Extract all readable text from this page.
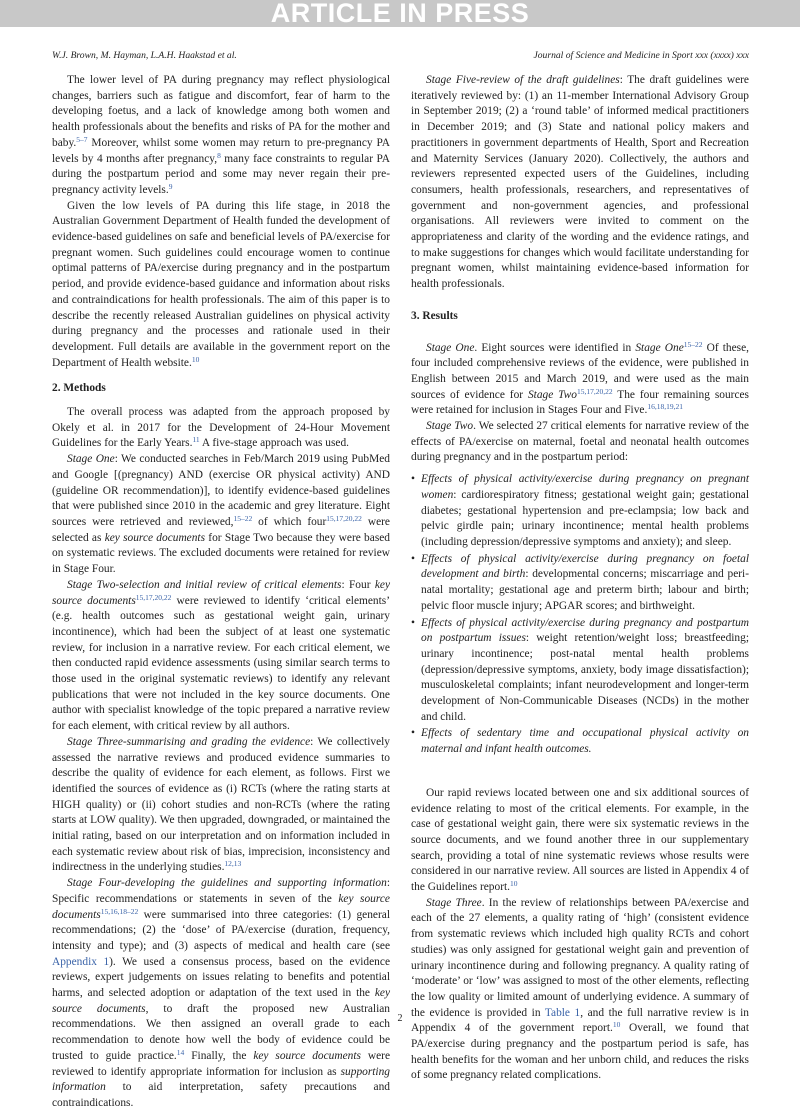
ARTICLE IN PRESS
W.J. Brown, M. Hayman, L.A.H. Haakstad et al.	Journal of Science and Medicine in Sport xxx (xxxx) xxx

The lower level of PA during pregnancy may reflect physiological changes, barriers such as fatigue and discomfort, fear of harm to the developing foetus, and a lack of knowledge among both women and health professionals about the benefits and risks of PA for the mother and baby.$^{5-7}$ Moreover, whilst some women may return to pre-pregnancy PA levels by 4 months after pregnancy,$^8$ many face constraints to regular PA during the postpartum period and some may never regain their pre-pregnancy activity levels.$^9$

Given the low levels of PA during this life stage, in 2018 the Australian Government Department of Health funded the development of evidence-based guidelines on safe and beneficial levels of PA/exercise for pregnant women. Such guidelines could encourage women to continue optimal patterns of PA/exercise during pregnancy and in the postpartum period, and provide evidence-based guidance and information about risks and contraindications for health professionals. The aim of this paper is to describe the recently released Australian guidelines on physical activity during pregnancy and the processes and rationale used in their development. Full details are available in the government report on the Department of Health website.$^{10}$

2. Methods

The overall process was adapted from the approach proposed by Okely et al. in 2017 for the Development of 24-Hour Movement Guidelines for the Early Years.$^{11}$ A five-stage approach was used.

Stage One: We conducted searches in Feb/March 2019 using PubMed and Google [(pregnancy) AND (exercise OR physical activity) AND (guideline OR recommendation)], to identify evidence-based guidelines that were published since 2010 in the academic and grey literature. Eight sources were retrieved and reviewed,$^{15-22}$ of which four$^{15,17,20,22}$ were selected as key source documents for Stage Two because they were based on systematic reviews. The excluded documents were retained for review in Stage Four.

Stage Two-selection and initial review of critical elements: Four key source documents$^{15,17,20,22}$ were reviewed to identify ‘critical elements’ (e.g. health outcomes such as gestational weight gain, urinary incontinence), which had been the subject of at least one systematic review, for inclusion in a narrative review. For each critical element, we then conducted rapid evidence assessments (using similar search terms to those used in the original systematic reviews) to identify any relevant publications that were not included in the key source documents. One author with specialist knowledge of the topic prepared a narrative review for each element, with critical review by all authors.

Stage Three-summarising and grading the evidence: We collectively assessed the narrative reviews and produced evidence summaries to describe the quality of evidence for each element, as follows. First we identified the sources of evidence as (i) RCTs (where the rating starts at HIGH quality) or (ii) cohort studies and non-RCTs (where the rating starts at LOW quality). We then upgraded, downgraded, or maintained the initial rating, based on our interpretation and on information included in each systematic review about risk of bias, imprecision, inconsistency and indirectness in the underlying studies.$^{12,13}$

Stage Four-developing the guidelines and supporting information: Specific recommendations or statements in seven of the key source documents$^{15,16,18-22}$ were summarised into three categories: (1) general recommendations; (2) the ‘dose’ of PA/exercise (duration, frequency, intensity and type); and (3) aspects of medical and health care (see Appendix 1). We used a consensus process, based on the evidence reviews, expert judgements on issues relating to benefits and potential harms, and selected adoption or adaptation of the text used in the key source documents, to draft the proposed new Australian recommendations. We then assigned an overall grade to each recommendation to denote how well the body of evidence could be trusted to guide practice.$^{14}$ Finally, the key source documents were reviewed to identify appropriate information for inclusion as supporting information to aid interpretation, safety precautions and contraindications.

Stage Five-review of the draft guidelines: The draft guidelines were iteratively reviewed by: (1) an 11-member International Advisory Group in September 2019; (2) a ‘round table’ of informed medical practitioners in December 2019; and (3) State and national policy makers and practitioners in government departments of Health, Sport and Recreation and Maternity Services (January 2020). Collectively, the authors and reviewers represented expected users of the Guidelines, including consumers, health professionals, researchers, and representatives of government and non-government agencies, and professional organisations. All reviewers were invited to comment on the appropriateness and clarity of the wording and the evidence ratings, and to make suggestions for changes which would facilitate understanding for pregnant women, whilst maintaining evidence-based information for health professionals.

3. Results

Stage One. Eight sources were identified in Stage One$^{15-22}$ Of these, four included comprehensive reviews of the evidence, were published in English between 2015 and March 2019, and were used as the main sources of evidence for Stage Two$^{15,17,20,22}$ The four remaining sources were retained for inclusion in Stages Four and Five.$^{16,18,19,21}$

Stage Two. We selected 27 critical elements for narrative review of the effects of PA/exercise on maternal, foetal and neonatal health outcomes during pregnancy and in the postpartum period:

• Effects of physical activity/exercise during pregnancy on pregnant women: cardiorespiratory fitness; gestational weight gain; gestational diabetes; gestational hypertension and pre-eclampsia; low back and pelvic girdle pain; urinary incontinence; mental health problems (including depression/depressive symptoms and anxiety); and sleep.
• Effects of physical activity/exercise during pregnancy on foetal development and birth: developmental concerns; miscarriage and peri-natal mortality; gestational age and preterm birth; labour and birth; pelvic floor muscle injury; APGAR scores; and birthweight.
• Effects of physical activity/exercise during pregnancy and postpartum on postpartum issues: weight retention/weight loss; breastfeeding; urinary incontinence; post-natal mental health problems (depression/depressive symptoms, anxiety, body image dissatisfaction); musculoskeletal complaints; infant neurodevelopment and longer-term development of Non-Communicable Diseases (NCDs) in the mother and child.
• Effects of sedentary time and occupational physical activity on maternal and infant health outcomes.

Our rapid reviews located between one and six additional sources of evidence relating to most of the critical elements. For example, in the case of gestational weight gain, there were six systematic reviews in the source documents, and we found another three in our supplementary search, providing a total of nine systematic reviews whose results were considered in our narrative review. All sources are listed in Appendix 4 of the Guidelines report.$^{10}$

Stage Three. In the review of relationships between PA/exercise and each of the 27 elements, a quality rating of ‘high’ (consistent evidence from systematic reviews which included high quality RCTs and cohort studies) was only assigned for gestational weight gain and prevention of urinary incontinence during and following pregnancy. A quality rating of ‘moderate’ or ‘low’ was assigned to most of the other elements, reflecting the low quality or limited amount of underlying evidence. A summary of the evidence is provided in Table 1, and the full narrative review is in Appendix 4 of the government report.$^{10}$ Overall, we found that PA/exercise during pregnancy and the postpartum period is safe, has health benefits for the woman and her unborn child, and reduces the risks of some pregnancy related complications.

2
